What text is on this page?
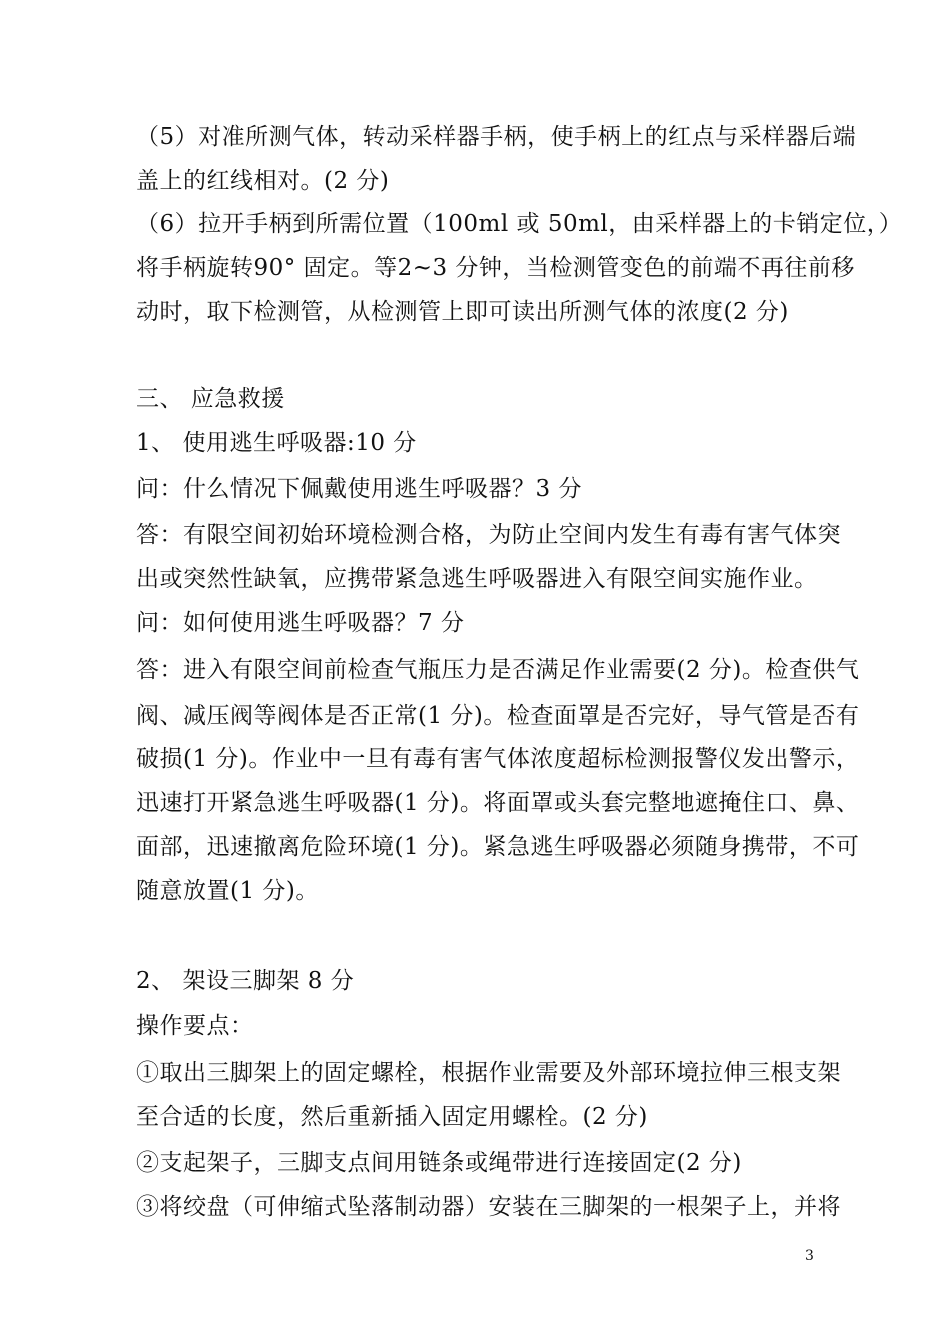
（5）对准所测气体，转动采样器手柄，使手柄上的红点与采样器后端
盖上的红线相对。(2 分)
（6）拉开手柄到所需位置（100ml 或 50ml，由采样器上的卡销定位，）
将手柄旋转90° 固定。等2~3 分钟，当检测管变色的前端不再往前移
动时，取下检测管，从检测管上即可读出所测气体的浓度(2 分)
三、 应急救援
1、 使用逃生呼吸器:10 分
问：什么情况下佩戴使用逃生呼吸器？3 分
答：有限空间初始环境检测合格，为防止空间内发生有毒有害气体突
出或突然性缺氧，应携带紧急逃生呼吸器进入有限空间实施作业。
问：如何使用逃生呼吸器？7 分
答：进入有限空间前检查气瓶压力是否满足作业需要(2 分)。检查供气
阀、减压阀等阀体是否正常(1 分)。检查面罩是否完好，导气管是否有
破损(1 分)。作业中一旦有毒有害气体浓度超标检测报警仪发出警示，
迅速打开紧急逃生呼吸器(1 分)。将面罩或头套完整地遮掩住口、鼻、
面部，迅速撤离危险环境(1 分)。紧急逃生呼吸器必须随身携带，不可
随意放置(1 分)。
2、 架设三脚架 8 分
操作要点：
①取出三脚架上的固定螺栓，根据作业需要及外部环境拉伸三根支架
至合适的长度，然后重新插入固定用螺栓。(2 分)
②支起架子，三脚支点间用链条或绳带进行连接固定(2 分)
③将绞盘（可伸缩式坠落制动器）安装在三脚架的一根架子上，并将
3
